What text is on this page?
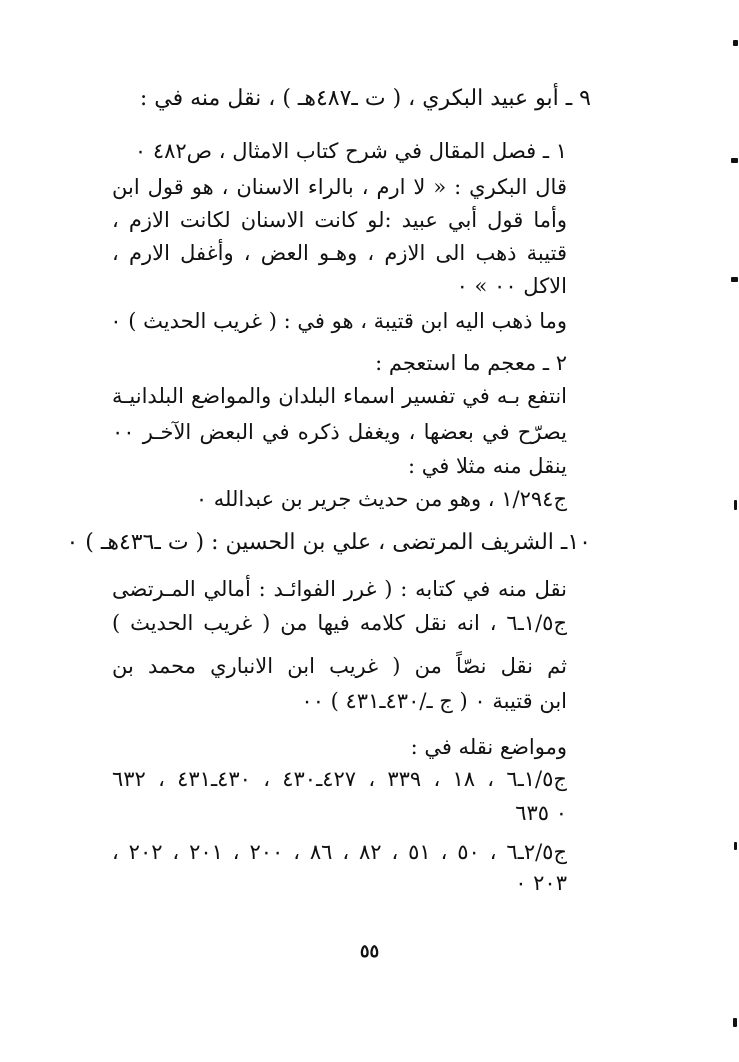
٩ ـ أبو عبيد البكري ، ( ت ـ٤٨٧هـ ) ، نقل منه في :
١ ـ فصل المقال في شرح كتاب الامثال ، ص٤٨٢ ٠
قال البكري : « لا ارم ، بالراء الاسنان ، هو قول ابن
وأما قول أبي عبيد :لو كانت الاسنان لكانت الازم ،
قتيبة ذهب الى الازم ، وهـو العض ، وأغفل الارم ،
الاكل ٠٠ » ٠
وما ذهب اليه ابن قتيبة ، هو في : ( غريب الحديث ) ٠
٢ ـ معجم ما استعجم :
انتفع بـه في تفسير اسماء البلدان والمواضع البلدانيـة
يصرّح في بعضها ، ويغفل ذكره في البعض الآخـر ٠٠
ينقل منه مثلا في :
ج١/٢٩٤ ، وهو من حديث جرير بن عبدالله ٠
١٠ـ الشريف المرتضى ، علي بن الحسين : ( ت ـ٤٣٦هـ ) ٠
نقل منه في كتابه : ( غرر الفوائـد : أمالي المـرتضى
ج١/٥ـ٦ ، انه نقل كلامه فيها من ( غريب الحديث )
ثم نقل نصّاً من ( غريب ابن الانباري محمد بن
ابن قتيبة ٠ ( ج ـ/٤٣٠ـ٤٣١ ) ٠٠
ومواضع نقله في :
ج١/٥ـ٦ ، ١٨ ، ٣٣٩ ، ٤٢٧ـ٤٣٠ ، ٤٣٠ـ٤٣١ ، ٦٣٢
٠ ٦٣٥
ج٢/٥ـ٦ ، ٥٠ ، ٥١ ، ٨٢ ، ٨٦ ، ٢٠٠ ، ٢٠١ ، ٢٠٢ ،
٢٠٣ ٠
٥٥
